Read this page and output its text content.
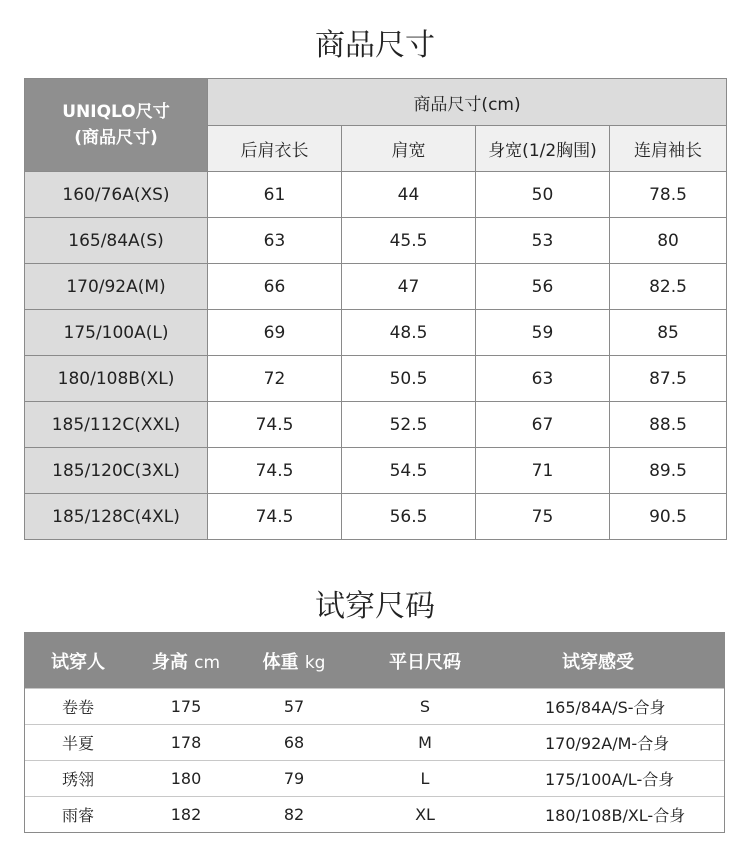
商品尺寸
UNIQLO尺寸
(商品尺寸)	商品尺寸(cm)			
	后肩衣长	肩宽	身宽(1/2胸围)	连肩袖长
160/76A(XS)	61	44	50	78.5
165/84A(S)	63	45.5	53	80
170/92A(M)	66	47	56	82.5
175/100A(L)	69	48.5	59	85
180/108B(XL)	72	50.5	63	87.5
185/112C(XXL)	74.5	52.5	67	88.5
185/120C(3XL)	74.5	54.5	71	89.5
185/128C(4XL)	74.5	56.5	75	90.5
试穿尺码
试穿人	身高 cm	体重 kg	平日尺码	试穿感受
卷卷	175	57	S	165/84A/S-合身
半夏	178	68	M	170/92A/M-合身
琇翎	180	79	L	175/100A/L-合身
雨睿	182	82	XL	180/108B/XL-合身
